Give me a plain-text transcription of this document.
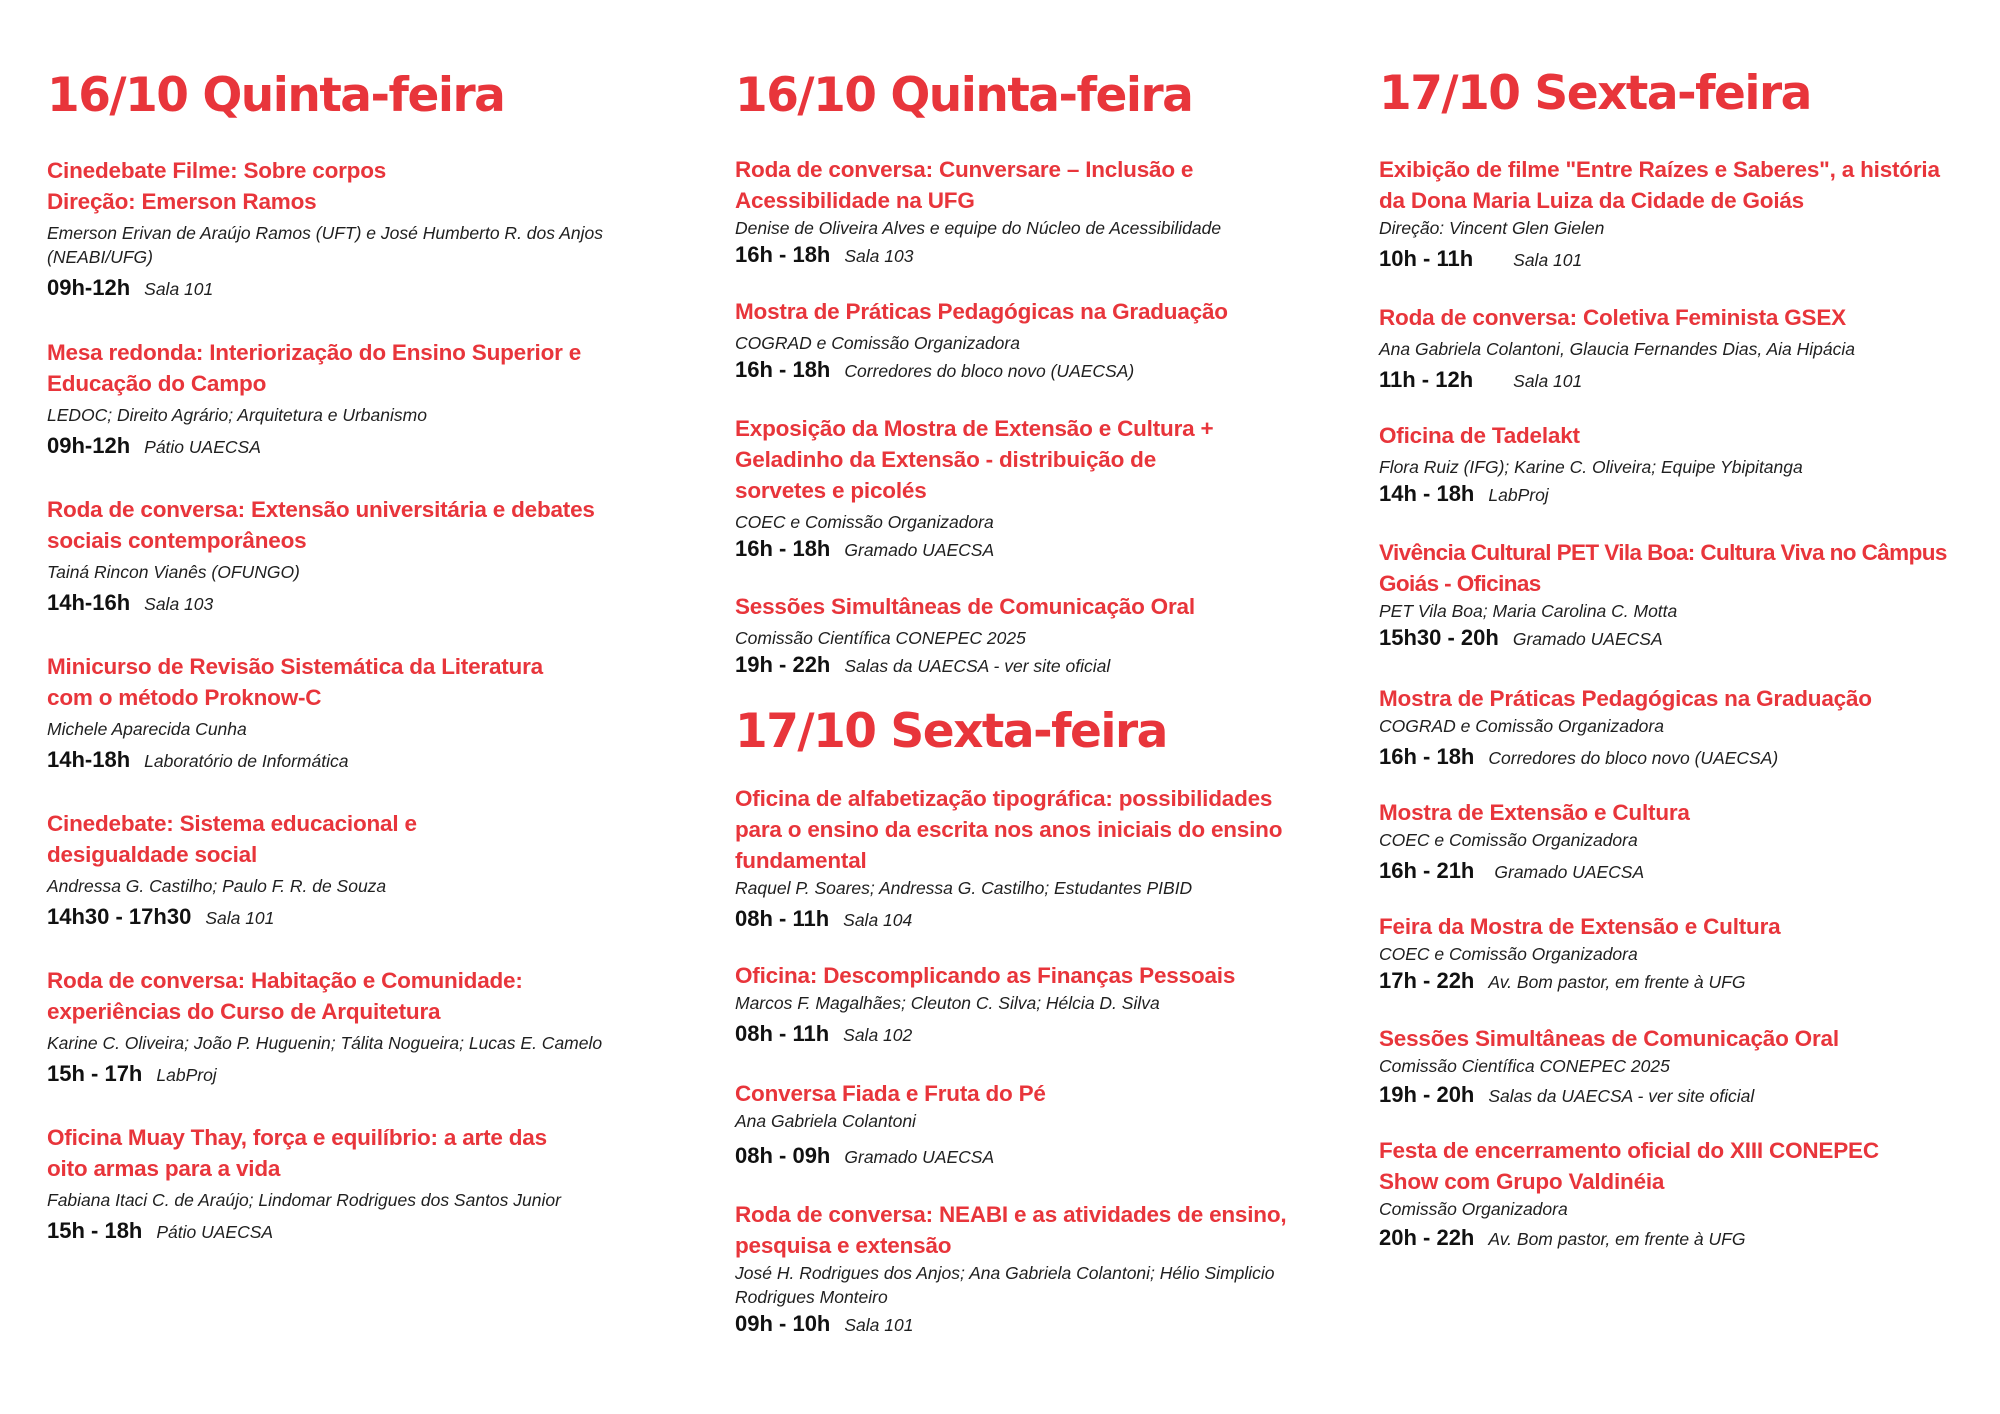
16/10 Quinta-feira

Cinedebate Filme: Sobre corpos
Direção: Emerson Ramos

Emerson Erivan de Araújo Ramos (UFT) e José Humberto R. dos Anjos (NEABI/UFG)

09h-12h Sala 101

Mesa redonda: Interiorização do Ensino Superior e Educação do Campo

LEDOC; Direito Agrário; Arquitetura e Urbanismo

09h-12h Pátio UAECSA

Roda de conversa: Extensão universitária e debates sociais contemporâneos

Tainá Rincon Vianês (OFUNGO)

14h-16h Sala 103

Minicurso de Revisão Sistemática da Literatura
com o método Proknow-C

Michele Aparecida Cunha

14h-18h Laboratório de Informática

Cinedebate: Sistema educacional e
desigualdade social

Andressa G. Castilho; Paulo F. R. de Souza

14h30 - 17h30 Sala 101

Roda de conversa: Habitação e Comunidade:
experiências do Curso de Arquitetura

Karine C. Oliveira; João P. Huguenin; Tálita Nogueira; Lucas E. Camelo

15h - 17h LabProj

Oficina Muay Thay, força e equilíbrio: a arte das
oito armas para a vida

Fabiana Itaci C. de Araújo; Lindomar Rodrigues dos Santos Junior

15h - 18h Pátio UAECSA
16/10 Quinta-feira

Roda de conversa: Cunversare – Inclusão e
Acessibilidade na UFG

Denise de Oliveira Alves e equipe do Núcleo de Acessibilidade

16h - 18h Sala 103

Mostra de Práticas Pedagógicas na Graduação

COGRAD e Comissão Organizadora

16h - 18h Corredores do bloco novo (UAECSA)

Exposição da Mostra de Extensão e Cultura +
Geladinho da Extensão - distribuição de
sorvetes e picolés

COEC e Comissão Organizadora

16h - 18h Gramado UAECSA

Sessões Simultâneas de Comunicação Oral

Comissão Científica CONEPEC 2025

19h - 22h Salas da UAECSA - ver site oficial
17/10 Sexta-feira

Oficina de alfabetização tipográfica: possibilidades
para o ensino da escrita nos anos iniciais do ensino
fundamental

Raquel P. Soares; Andressa G. Castilho; Estudantes PIBID

08h - 11h Sala 104

Oficina: Descomplicando as Finanças Pessoais

Marcos F. Magalhães; Cleuton C. Silva; Hélcia D. Silva

08h - 11h Sala 102

Conversa Fiada e Fruta do Pé

Ana Gabriela Colantoni

08h - 09h Gramado UAECSA

Roda de conversa: NEABI e as atividades de ensino,
pesquisa e extensão

José H. Rodrigues dos Anjos; Ana Gabriela Colantoni; Hélio Simplicio Rodrigues Monteiro

09h - 10h Sala 101
17/10 Sexta-feira

Exibição de filme "Entre Raízes e Saberes", a história
da Dona Maria Luiza da Cidade de Goiás

Direção: Vincent Glen Gielen

10h - 11h Sala 101

Roda de conversa: Coletiva Feminista GSEX

Ana Gabriela Colantoni, Glaucia Fernandes Dias, Aia Hipácia

11h - 12h Sala 101

Oficina de Tadelakt

Flora Ruiz (IFG); Karine C. Oliveira; Equipe Ybipitanga

14h - 18h LabProj

Vivência Cultural PET Vila Boa: Cultura Viva no Câmpus
Goiás - Oficinas

PET Vila Boa; Maria Carolina C. Motta

15h30 - 20h Gramado UAECSA

Mostra de Práticas Pedagógicas na Graduação

COGRAD e Comissão Organizadora

16h - 18h Corredores do bloco novo (UAECSA)

Mostra de Extensão e Cultura

COEC e Comissão Organizadora

16h - 21h Gramado UAECSA

Feira da Mostra de Extensão e Cultura

COEC e Comissão Organizadora

17h - 22h Av. Bom pastor, em frente à UFG

Sessões Simultâneas de Comunicação Oral

Comissão Científica CONEPEC 2025

19h - 20h Salas da UAECSA - ver site oficial

Festa de encerramento oficial do XIII CONEPEC
Show com Grupo Valdinéia

Comissão Organizadora

20h - 22h Av. Bom pastor, em frente à UFG
